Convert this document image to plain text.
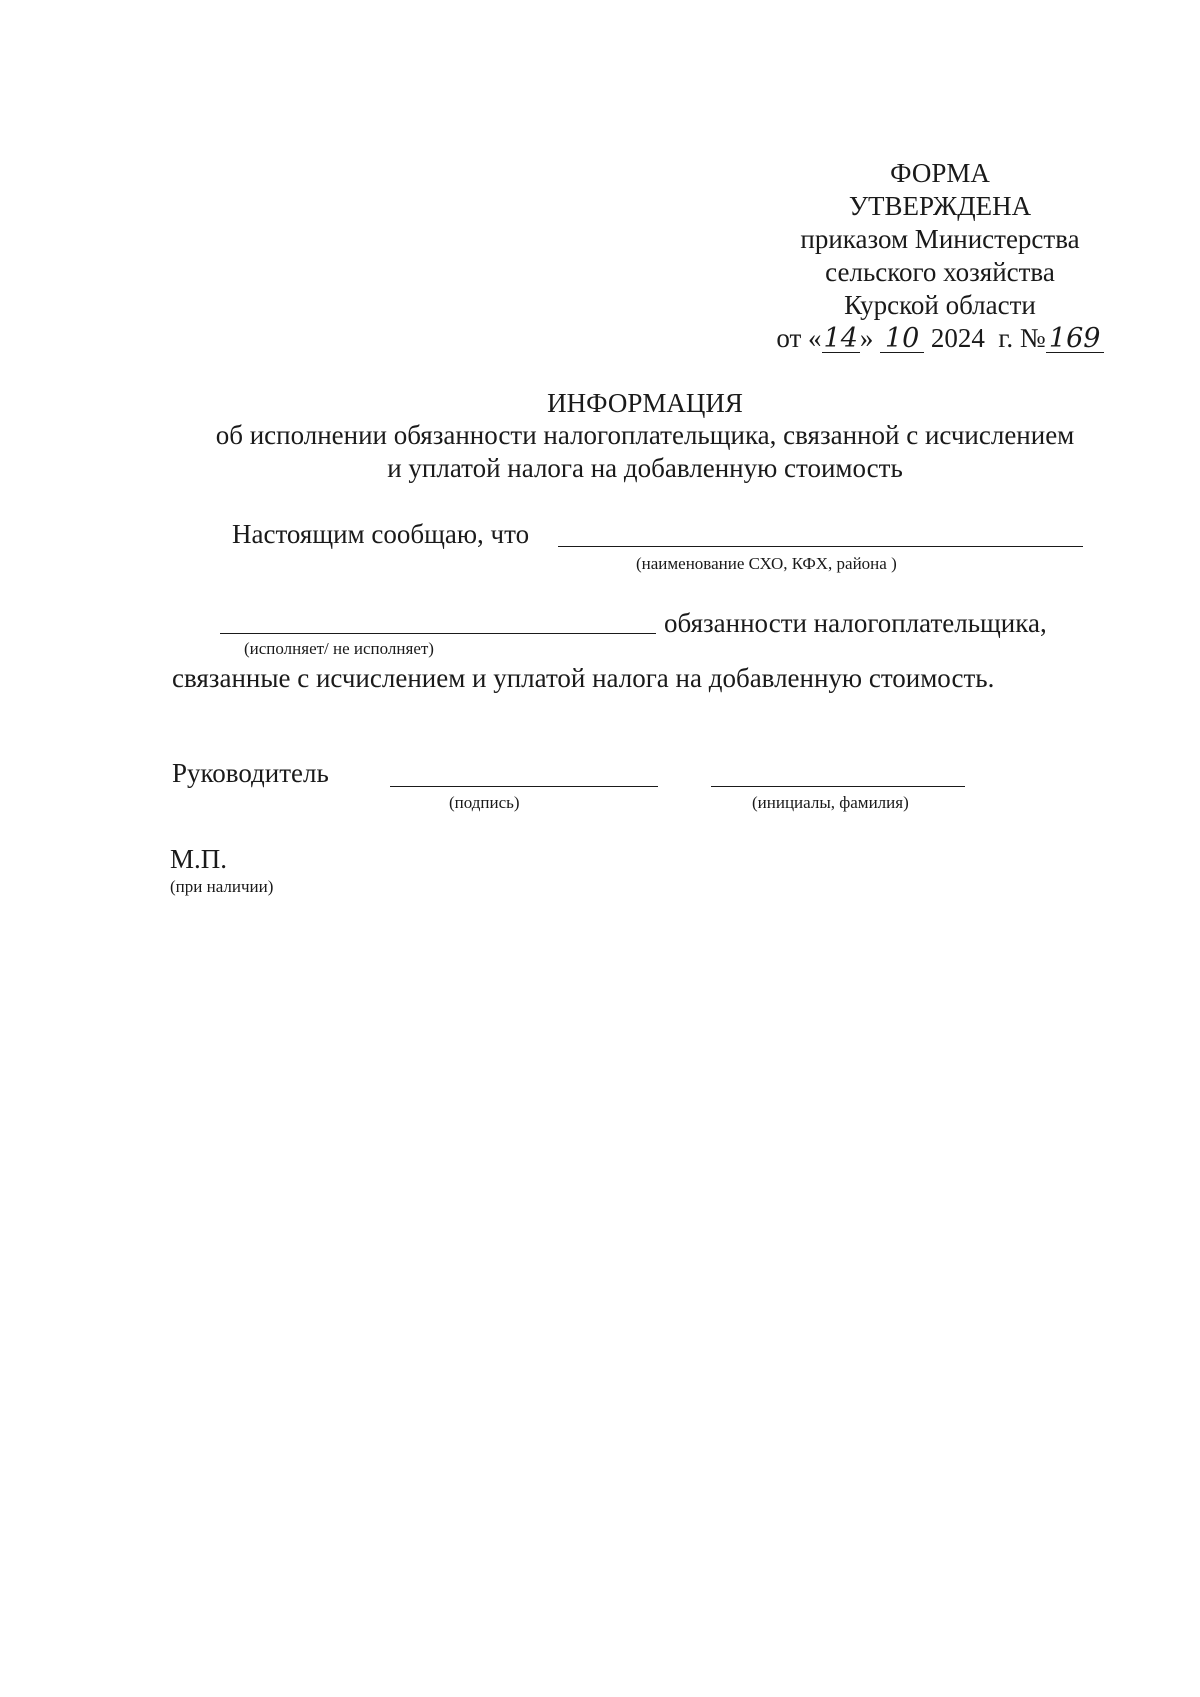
ФОРМА
УТВЕРЖДЕНА
приказом Министерства
сельского хозяйства
Курской области
от «14» 10 2024 г. № 169
ИНФОРМАЦИЯ
об исполнении обязанности налогоплательщика, связанной с исчислением
и уплатой налога на добавленную стоимость
Настоящим сообщаю, что
(наименование СХО, КФХ, района )
обязанности налогоплательщика,
(исполняет/ не исполняет)
связанные с исчислением и уплатой налога на добавленную стоимость.
Руководитель
(подпись)	(инициалы, фамилия)
М.П.
(при наличии)
